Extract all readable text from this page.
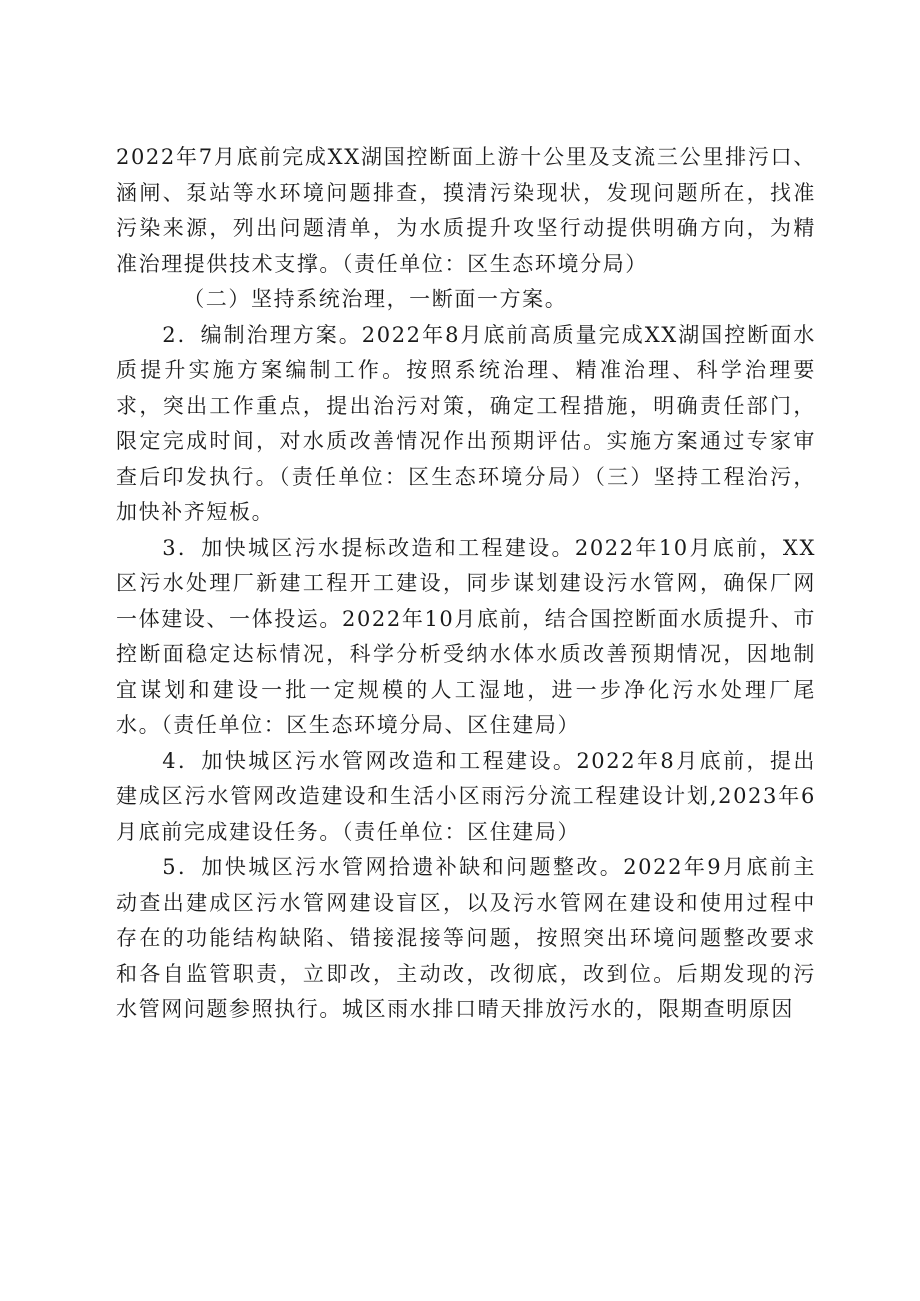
2022年7月底前完成XX湖国控断面上游十公里及支流三公里排污口、涵闸、泵站等水环境问题排查，摸清污染现状，发现问题所在，找准污染来源，列出问题清单，为水质提升攻坚行动提供明确方向，为精准治理提供技术支撑。（责任单位：区生态环境分局）

（二）坚持系统治理，一断面一方案。

2．编制治理方案。2022年8月底前高质量完成XX湖国控断面水质提升实施方案编制工作。按照系统治理、精准治理、科学治理要求，突出工作重点，提出治污对策，确定工程措施，明确责任部门，限定完成时间，对水质改善情况作出预期评估。实施方案通过专家审查后印发执行。（责任单位：区生态环境分局）（三）坚持工程治污，加快补齐短板。

3．加快城区污水提标改造和工程建设。2022年10月底前，XX区污水处理厂新建工程开工建设，同步谋划建设污水管网，确保厂网一体建设、一体投运。2022年10月底前，结合国控断面水质提升、市控断面稳定达标情况，科学分析受纳水体水质改善预期情况，因地制宜谋划和建设一批一定规模的人工湿地，进一步净化污水处理厂尾水。（责任单位：区生态环境分局、区住建局）

4．加快城区污水管网改造和工程建设。2022年8月底前，提出建成区污水管网改造建设和生活小区雨污分流工程建设计划,2023年6月底前完成建设任务。（责任单位：区住建局）

5．加快城区污水管网拾遗补缺和问题整改。2022年9月底前主动查出建成区污水管网建设盲区，以及污水管网在建设和使用过程中存在的功能结构缺陷、错接混接等问题，按照突出环境问题整改要求和各自监管职责，立即改，主动改，改彻底，改到位。后期发现的污水管网问题参照执行。城区雨水排口晴天排放污水的，限期查明原因
